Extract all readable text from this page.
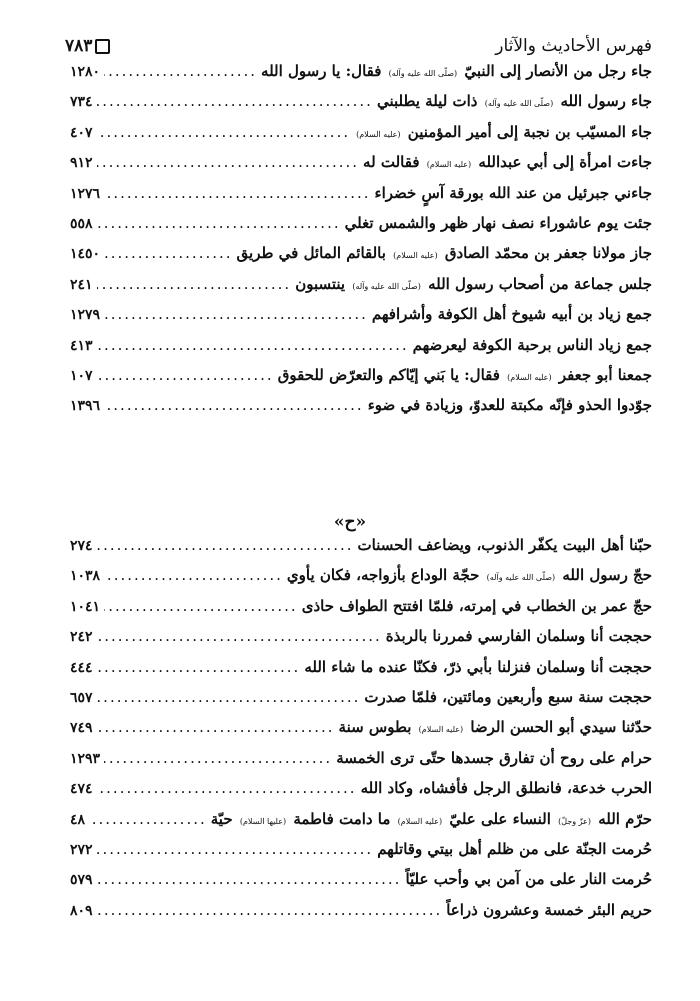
فهرس الأحاديث والآثار
٧٨٣
جاء رجل من الأنصار إلى النبيّ (صلّى الله عليه وآله) فقال: يا رسول الله
.....
١٢٨٠
جاء رسول الله (صلّى الله عليه وآله) ذات ليلة يطلبني
.....
٧٣٤
جاء المسيّب بن نجبة إلى أمير المؤمنين (عليه السلام)
.....
٤٠٧
جاءت امرأة إلى أبي عبدالله (عليه السلام) فقالت له
.....
٩١٢
جاءني جبرئيل من عند الله بورقة آسٍ خضراء
.....
١٢٧٦
جئت يوم عاشوراء نصف نهار ظهر والشمس تغلي
.....
٥٥٨
جاز مولانا جعفر بن محمّد الصادق (عليه السلام) بالقائم المائل في طريق
.....
١٤٥٠
جلس جماعة من أصحاب رسول الله (صلّى الله عليه وآله) ينتسبون
.....
٢٤١
جمع زياد بن أبيه شيوخ أهل الكوفة وأشرافهم
.....
١٢٧٩
جمع زياد الناس برحبة الكوفة ليعرضهم
.....
٤١٣
جمعنا أبو جعفر (عليه السلام) فقال: يا بَني إيّاكم والتعرّض للحقوق
.....
١٠٧
جوّدوا الحذو فإنّه مكبتة للعدوّ، وزيادة في ضوء
.....
١٣٩٦
«ح»
حبّنا أهل البيت يكفّر الذنوب، ويضاعف الحسنات
.....
٢٧٤
حجّ رسول الله (صلّى الله عليه وآله) حجّة الوداع بأزواجه، فكان يأوي
.....
١٠٣٨
حجّ عمر بن الخطاب في إمرته، فلمّا افتتح الطواف حاذى
.....
١٠٤١
حججت أنا وسلمان الفارسي فمررنا بالربذة
.....
٢٤٢
حججت أنا وسلمان فنزلنا بأبي ذرّ، فكنّا عنده ما شاء الله
.....
٤٤٤
حججت سنة سبع وأربعين ومائتين، فلمّا صدرت
.....
٦٥٧
حدّثنا سيدي أبو الحسن الرضا (عليه السلام) بطوس سنة
.....
٧٤٩
حرام على روح أن تفارق جسدها حتّى ترى الخمسة
.....
١٢٩٣
الحرب خدعة، فانطلق الرجل فأفشاه، وكاد الله
.....
٤٧٤
حرّم الله (عزّ وجلّ) النساء على عليّ (عليه السلام) ما دامت فاطمة (عليها السلام) حيّة
.....
٤٨
حُرمت الجنّة على من ظلم أهل بيتي وقاتلهم
.....
٢٧٢
حُرمت النار على من آمن بي وأحب عليّاً
.....
٥٧٩
حريم البئر خمسة وعشرون ذراعاً
.....
٨٠٩
